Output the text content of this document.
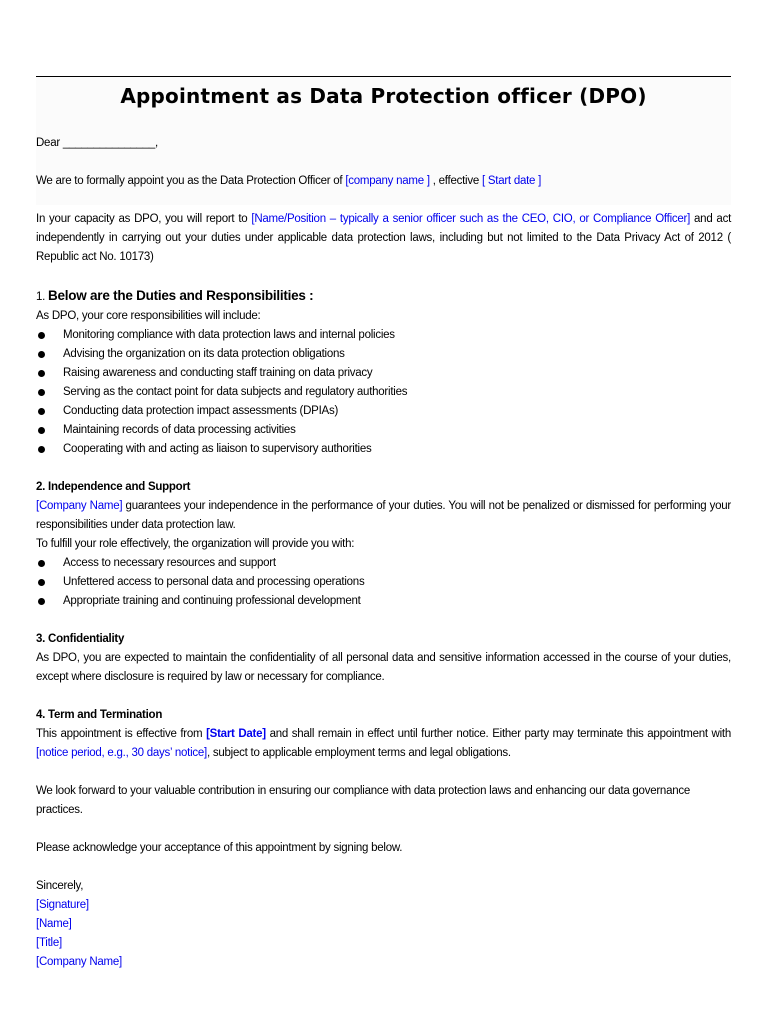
Appointment as Data Protection officer (DPO)

Dear _______________,

We are to formally appoint you as the Data Protection Officer of [company name ] , effective [ Start date ]

In your capacity as DPO, you will report to [Name/Position – typically a senior officer such as the CEO, CIO, or Compliance Officer] and act independently in carrying out your duties under applicable data protection laws, including but not limited to the Data Privacy Act of 2012 ( Republic act No. 10173)

1. Below are the Duties and Responsibilities :

As DPO, your core responsibilities will include:

Monitoring compliance with data protection laws and internal policies
Advising the organization on its data protection obligations
Raising awareness and conducting staff training on data privacy
Serving as the contact point for data subjects and regulatory authorities
Conducting data protection impact assessments (DPIAs)
Maintaining records of data processing activities
Cooperating with and acting as liaison to supervisory authorities
2. Independence and Support

[Company Name] guarantees your independence in the performance of your duties. You will not be penalized or dismissed for performing your responsibilities under data protection law.

To fulfill your role effectively, the organization will provide you with:

Access to necessary resources and support
Unfettered access to personal data and processing operations
Appropriate training and continuing professional development
3. Confidentiality

As DPO, you are expected to maintain the confidentiality of all personal data and sensitive information accessed in the course of your duties, except where disclosure is required by law or necessary for compliance.

4. Term and Termination

This appointment is effective from [Start Date] and shall remain in effect until further notice. Either party may terminate this appointment with [notice period, e.g., 30 days’ notice], subject to applicable employment terms and legal obligations.

We look forward to your valuable contribution in ensuring our compliance with data protection laws and enhancing our data governance practices.

Please acknowledge your acceptance of this appointment by signing below.

Sincerely,

[Signature]

[Name]

[Title]

[Company Name]
